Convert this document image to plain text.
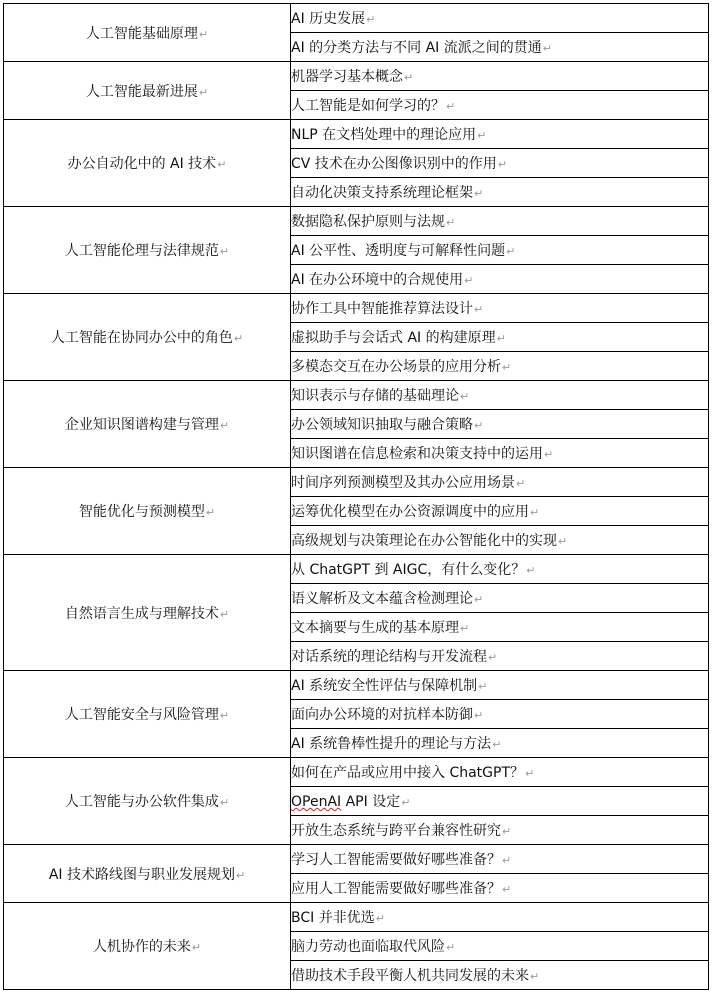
人工智能基础原理↵	AI 历史发展↵
	AI 的分类方法与不同 AI 流派之间的贯通↵
人工智能最新进展↵	机器学习基本概念↵
	人工智能是如何学习的？↵
办公自动化中的 AI 技术↵	NLP 在文档处理中的理论应用↵
	CV 技术在办公图像识别中的作用↵
	自动化决策支持系统理论框架↵
人工智能伦理与法律规范↵	数据隐私保护原则与法规↵
	AI 公平性、透明度与可解释性问题↵
	AI 在办公环境中的合规使用↵
人工智能在协同办公中的角色↵	协作工具中智能推荐算法设计↵
	虚拟助手与会话式 AI 的构建原理↵
	多模态交互在办公场景的应用分析↵
企业知识图谱构建与管理↵	知识表示与存储的基础理论↵
	办公领域知识抽取与融合策略↵
	知识图谱在信息检索和决策支持中的运用↵
智能优化与预测模型↵	时间序列预测模型及其办公应用场景↵
	运筹优化模型在办公资源调度中的应用↵
	高级规划与决策理论在办公智能化中的实现↵
自然语言生成与理解技术↵	从 ChatGPT 到 AIGC，有什么变化？↵
	语义解析及文本蕴含检测理论↵
	文本摘要与生成的基本原理↵
	对话系统的理论结构与开发流程↵
人工智能安全与风险管理↵	AI 系统安全性评估与保障机制↵
	面向办公环境的对抗样本防御↵
	AI 系统鲁棒性提升的理论与方法↵
人工智能与办公软件集成↵	如何在产品或应用中接入 ChatGPT？↵
	OPenAI API 设定↵
	开放生态系统与跨平台兼容性研究↵
AI 技术路线图与职业发展规划↵	学习人工智能需要做好哪些准备？↵
	应用人工智能需要做好哪些准备？↵
人机协作的未来↵	BCI 并非优选↵
	脑力劳动也面临取代风险↵
	借助技术手段平衡人机共同发展的未来↵
